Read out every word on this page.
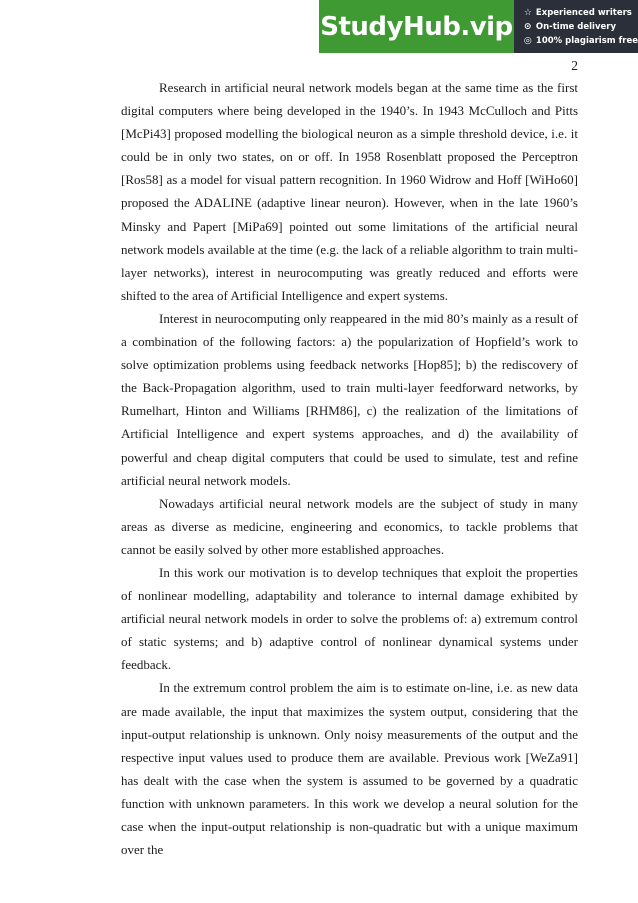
StudyHub.vip ☆ Experienced writers
⊙ On-time delivery
◎ 100% plagiarism free
2

Research in artificial neural network models began at the same time as the first digital computers where being developed in the 1940’s. In 1943 McCulloch and Pitts [McPi43] proposed modelling the biological neuron as a simple threshold device, i.e. it could be in only two states, on or off. In 1958 Rosenblatt proposed the Perceptron [Ros58] as a model for visual pattern recognition. In 1960 Widrow and Hoff [WiHo60] proposed the ADALINE (adaptive linear neuron). However, when in the late 1960’s Minsky and Papert [MiPa69] pointed out some limitations of the artificial neural network models available at the time (e.g. the lack of a reliable algorithm to train multi-layer networks), interest in neurocomputing was greatly reduced and efforts were shifted to the area of Artificial Intelligence and expert systems.

Interest in neurocomputing only reappeared in the mid 80’s mainly as a result of a combination of the following factors: a) the popularization of Hopfield’s work to solve optimization problems using feedback networks [Hop85]; b) the rediscovery of the Back-Propagation algorithm, used to train multi-layer feedforward networks, by Rumelhart, Hinton and Williams [RHM86], c) the realization of the limitations of Artificial Intelligence and expert systems approaches, and d) the availability of powerful and cheap digital computers that could be used to simulate, test and refine artificial neural network models.

Nowadays artificial neural network models are the subject of study in many areas as diverse as medicine, engineering and economics, to tackle problems that cannot be easily solved by other more established approaches.

In this work our motivation is to develop techniques that exploit the properties of nonlinear modelling, adaptability and tolerance to internal damage exhibited by artificial neural network models in order to solve the problems of: a) extremum control of static systems; and b) adaptive control of nonlinear dynamical systems under feedback.

In the extremum control problem the aim is to estimate on-line, i.e. as new data are made available, the input that maximizes the system output, considering that the input-output relationship is unknown. Only noisy measurements of the output and the respective input values used to produce them are available. Previous work [WeZa91] has dealt with the case when the system is assumed to be governed by a quadratic function with unknown parameters. In this work we develop a neural solution for the case when the input-output relationship is non-quadratic but with a unique maximum over the
